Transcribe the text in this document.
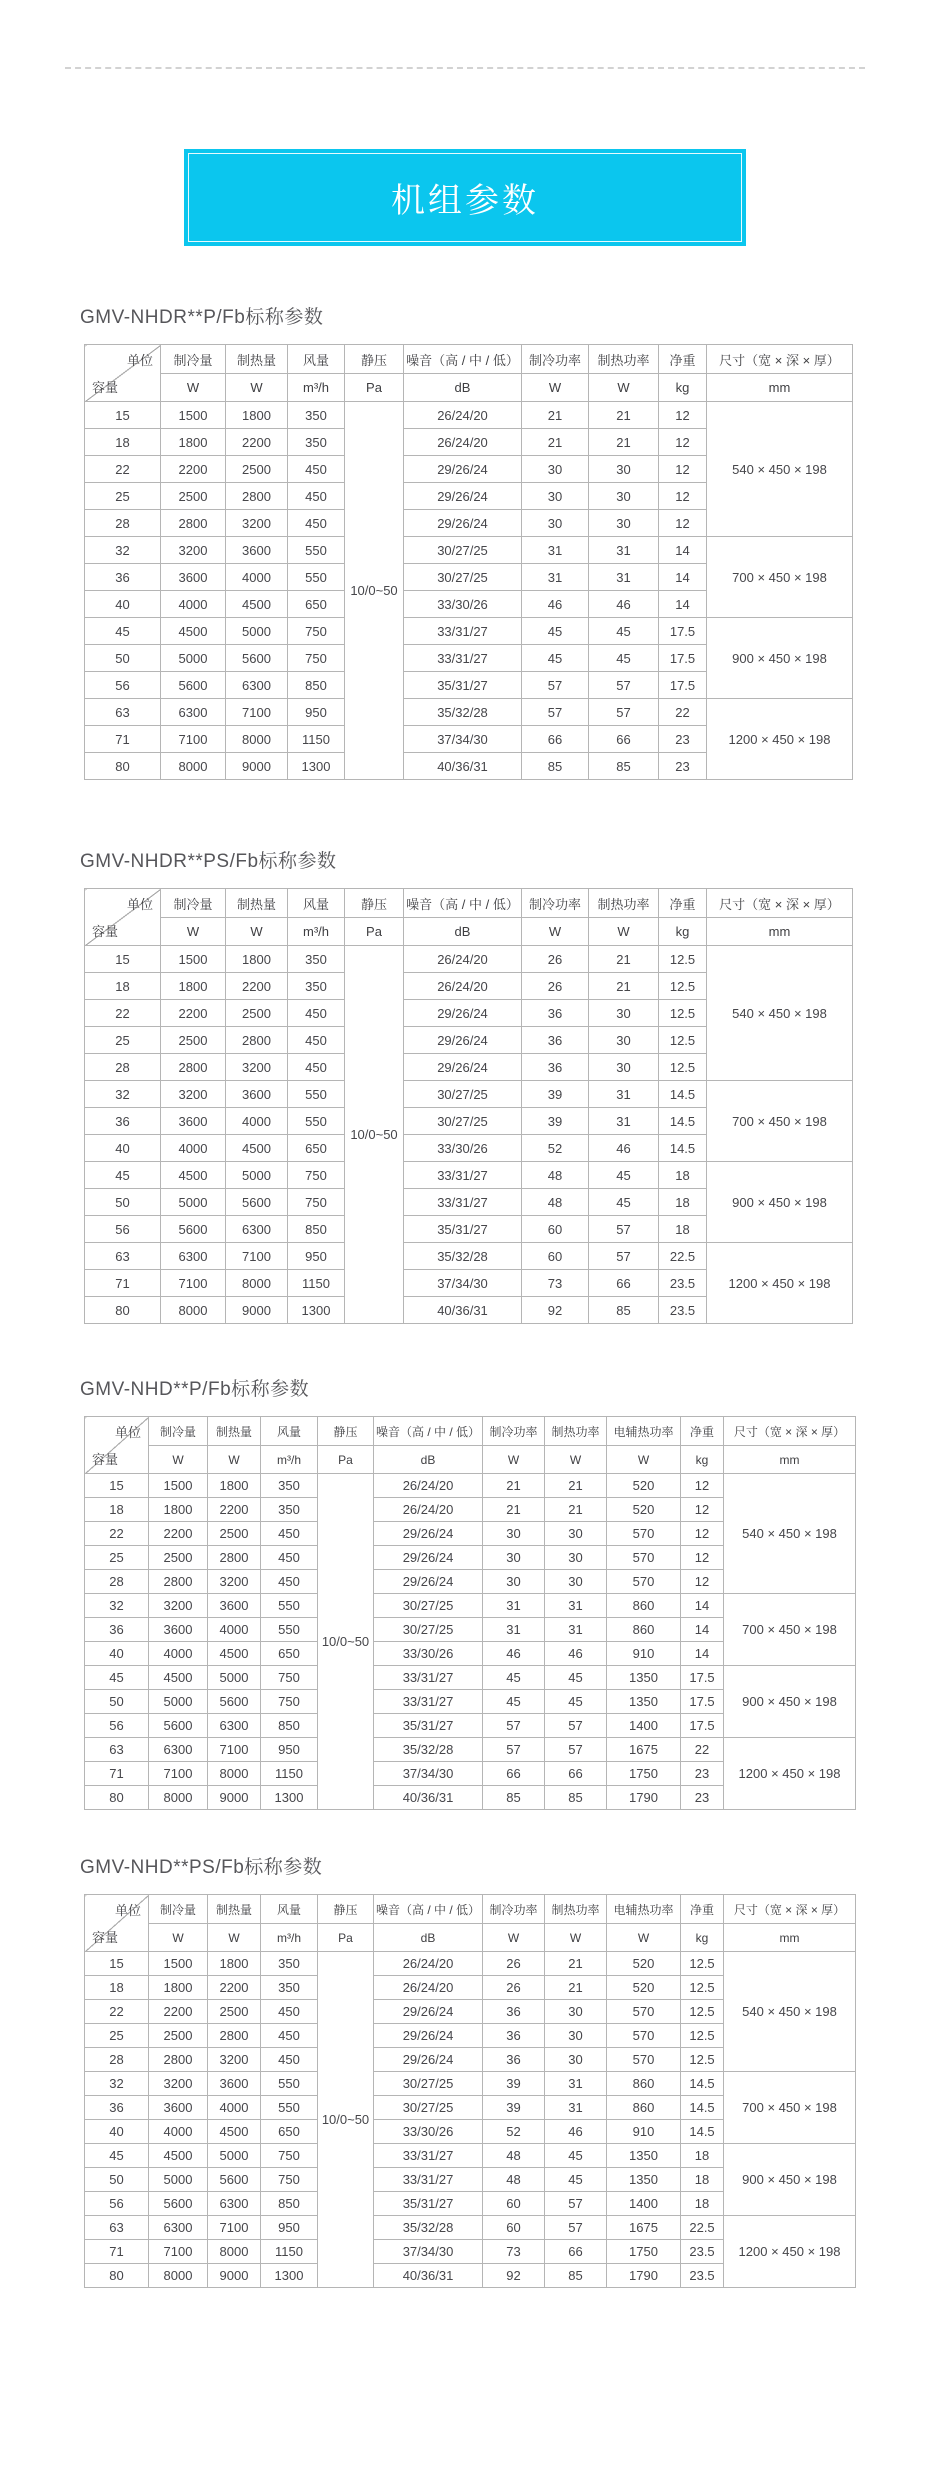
机组参数
GMV-NHDR**P/Fb标称参数
单位
容量	制冷量	制热量	风量	静压	噪音（高 / 中 / 低）	制冷功率	制热功率	净重	尺寸（宽 × 深 × 厚）
	W	W	m³/h	Pa	dB	W	W	kg	mm
15	1500	1800	350	10/0~50	26/24/20	21	21	12	540 × 450 × 198
18	1800	2200	350		26/24/20	21	21	12	
22	2200	2500	450		29/26/24	30	30	12	
25	2500	2800	450		29/26/24	30	30	12	
28	2800	3200	450		29/26/24	30	30	12	
32	3200	3600	550		30/27/25	31	31	14	700 × 450 × 198
36	3600	4000	550		30/27/25	31	31	14	
40	4000	4500	650		33/30/26	46	46	14	
45	4500	5000	750		33/31/27	45	45	17.5	900 × 450 × 198
50	5000	5600	750		33/31/27	45	45	17.5	
56	5600	6300	850		35/31/27	57	57	17.5	
63	6300	7100	950		35/32/28	57	57	22	1200 × 450 × 198
71	7100	8000	1150		37/34/30	66	66	23	
80	8000	9000	1300		40/36/31	85	85	23	
GMV-NHDR**PS/Fb标称参数
单位
容量	制冷量	制热量	风量	静压	噪音（高 / 中 / 低）	制冷功率	制热功率	净重	尺寸（宽 × 深 × 厚）
	W	W	m³/h	Pa	dB	W	W	kg	mm
15	1500	1800	350	10/0~50	26/24/20	26	21	12.5	540 × 450 × 198
18	1800	2200	350		26/24/20	26	21	12.5	
22	2200	2500	450		29/26/24	36	30	12.5	
25	2500	2800	450		29/26/24	36	30	12.5	
28	2800	3200	450		29/26/24	36	30	12.5	
32	3200	3600	550		30/27/25	39	31	14.5	700 × 450 × 198
36	3600	4000	550		30/27/25	39	31	14.5	
40	4000	4500	650		33/30/26	52	46	14.5	
45	4500	5000	750		33/31/27	48	45	18	900 × 450 × 198
50	5000	5600	750		33/31/27	48	45	18	
56	5600	6300	850		35/31/27	60	57	18	
63	6300	7100	950		35/32/28	60	57	22.5	1200 × 450 × 198
71	7100	8000	1150		37/34/30	73	66	23.5	
80	8000	9000	1300		40/36/31	92	85	23.5	
GMV-NHD**P/Fb标称参数
单位
容量	制冷量	制热量	风量	静压	噪音（高 / 中 / 低）	制冷功率	制热功率	电辅热功率	净重	尺寸（宽 × 深 × 厚）
	W	W	m³/h	Pa	dB	W	W	W	kg	mm
15	1500	1800	350	10/0~50	26/24/20	21	21	520	12	540 × 450 × 198
18	1800	2200	350		26/24/20	21	21	520	12	
22	2200	2500	450		29/26/24	30	30	570	12	
25	2500	2800	450		29/26/24	30	30	570	12	
28	2800	3200	450		29/26/24	30	30	570	12	
32	3200	3600	550		30/27/25	31	31	860	14	700 × 450 × 198
36	3600	4000	550		30/27/25	31	31	860	14	
40	4000	4500	650		33/30/26	46	46	910	14	
45	4500	5000	750		33/31/27	45	45	1350	17.5	900 × 450 × 198
50	5000	5600	750		33/31/27	45	45	1350	17.5	
56	5600	6300	850		35/31/27	57	57	1400	17.5	
63	6300	7100	950		35/32/28	57	57	1675	22	1200 × 450 × 198
71	7100	8000	1150		37/34/30	66	66	1750	23	
80	8000	9000	1300		40/36/31	85	85	1790	23	
GMV-NHD**PS/Fb标称参数
单位
容量	制冷量	制热量	风量	静压	噪音（高 / 中 / 低）	制冷功率	制热功率	电辅热功率	净重	尺寸（宽 × 深 × 厚）
	W	W	m³/h	Pa	dB	W	W	W	kg	mm
15	1500	1800	350	10/0~50	26/24/20	26	21	520	12.5	540 × 450 × 198
18	1800	2200	350		26/24/20	26	21	520	12.5	
22	2200	2500	450		29/26/24	36	30	570	12.5	
25	2500	2800	450		29/26/24	36	30	570	12.5	
28	2800	3200	450		29/26/24	36	30	570	12.5	
32	3200	3600	550		30/27/25	39	31	860	14.5	700 × 450 × 198
36	3600	4000	550		30/27/25	39	31	860	14.5	
40	4000	4500	650		33/30/26	52	46	910	14.5	
45	4500	5000	750		33/31/27	48	45	1350	18	900 × 450 × 198
50	5000	5600	750		33/31/27	48	45	1350	18	
56	5600	6300	850		35/31/27	60	57	1400	18	
63	6300	7100	950		35/32/28	60	57	1675	22.5	1200 × 450 × 198
71	7100	8000	1150		37/34/30	73	66	1750	23.5	
80	8000	9000	1300		40/36/31	92	85	1790	23.5	
